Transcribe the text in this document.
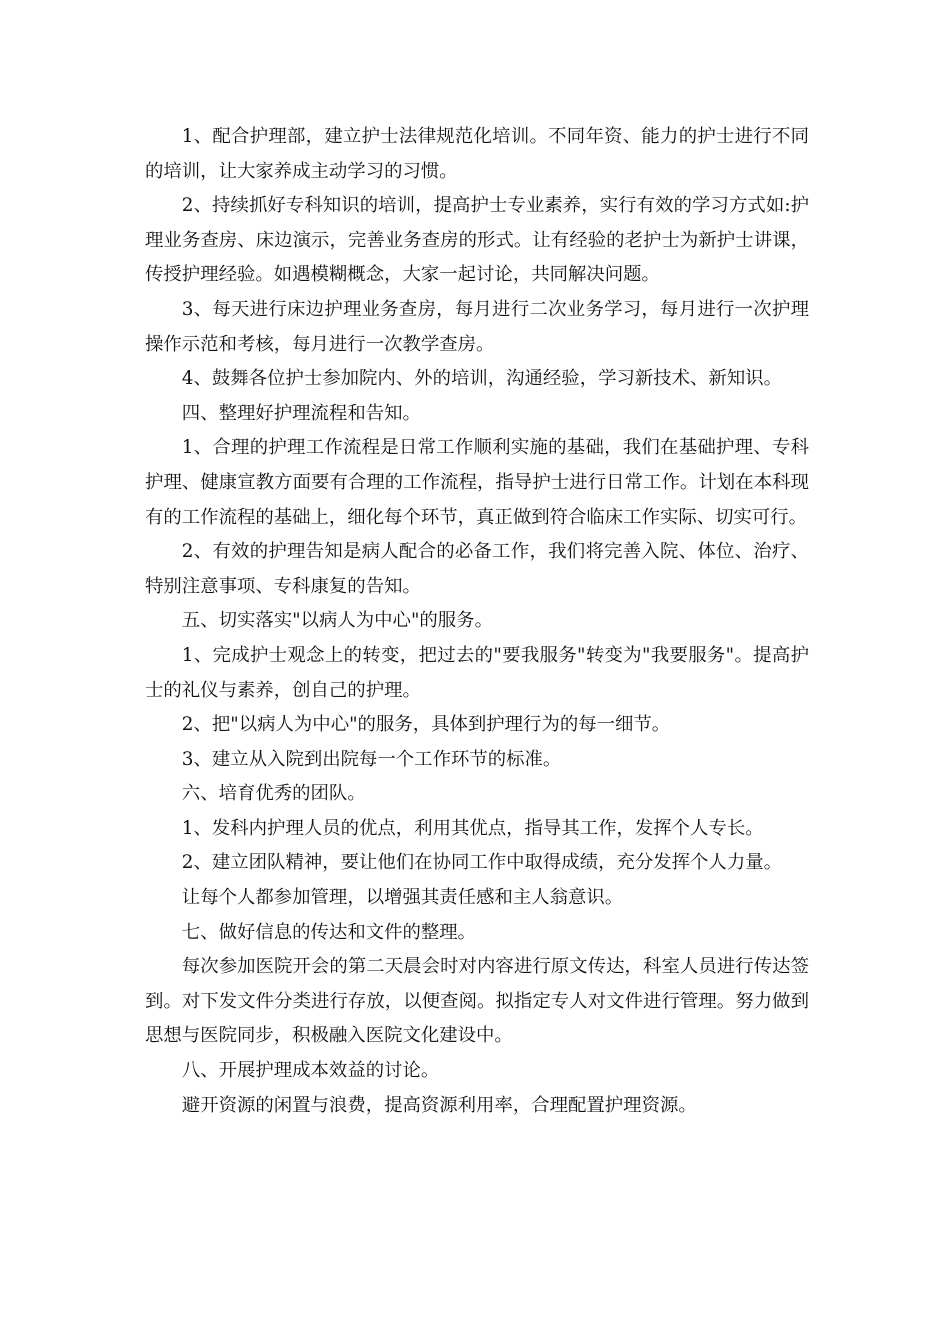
1、配合护理部，建立护士法律规范化培训。不同年资、能力的护士进行不同的培训，让大家养成主动学习的习惯。

2、持续抓好专科知识的培训，提高护士专业素养，实行有效的学习方式如:护理业务查房、床边演示，完善业务查房的形式。让有经验的老护士为新护士讲课，传授护理经验。如遇模糊概念，大家一起讨论，共同解决问题。

3、每天进行床边护理业务查房，每月进行二次业务学习，每月进行一次护理操作示范和考核，每月进行一次教学查房。

4、鼓舞各位护士参加院内、外的培训，沟通经验，学习新技术、新知识。

四、整理好护理流程和告知。

1、合理的护理工作流程是日常工作顺利实施的基础，我们在基础护理、专科护理、健康宣教方面要有合理的工作流程，指导护士进行日常工作。计划在本科现有的工作流程的基础上，细化每个环节，真正做到符合临床工作实际、切实可行。

2、有效的护理告知是病人配合的必备工作，我们将完善入院、体位、治疗、特别注意事项、专科康复的告知。

五、切实落实"以病人为中心"的服务。

1、完成护士观念上的转变，把过去的"要我服务"转变为"我要服务"。提高护士的礼仪与素养，创自己的护理。

2、把"以病人为中心"的服务，具体到护理行为的每一细节。

3、建立从入院到出院每一个工作环节的标准。

六、培育优秀的团队。

1、发科内护理人员的优点，利用其优点，指导其工作，发挥个人专长。

2、建立团队精神，要让他们在协同工作中取得成绩，充分发挥个人力量。

让每个人都参加管理，以增强其责任感和主人翁意识。

七、做好信息的传达和文件的整理。

每次参加医院开会的第二天晨会时对内容进行原文传达，科室人员进行传达签到。对下发文件分类进行存放，以便查阅。拟指定专人对文件进行管理。努力做到思想与医院同步，积极融入医院文化建设中。

八、开展护理成本效益的讨论。

避开资源的闲置与浪费，提高资源利用率，合理配置护理资源。
